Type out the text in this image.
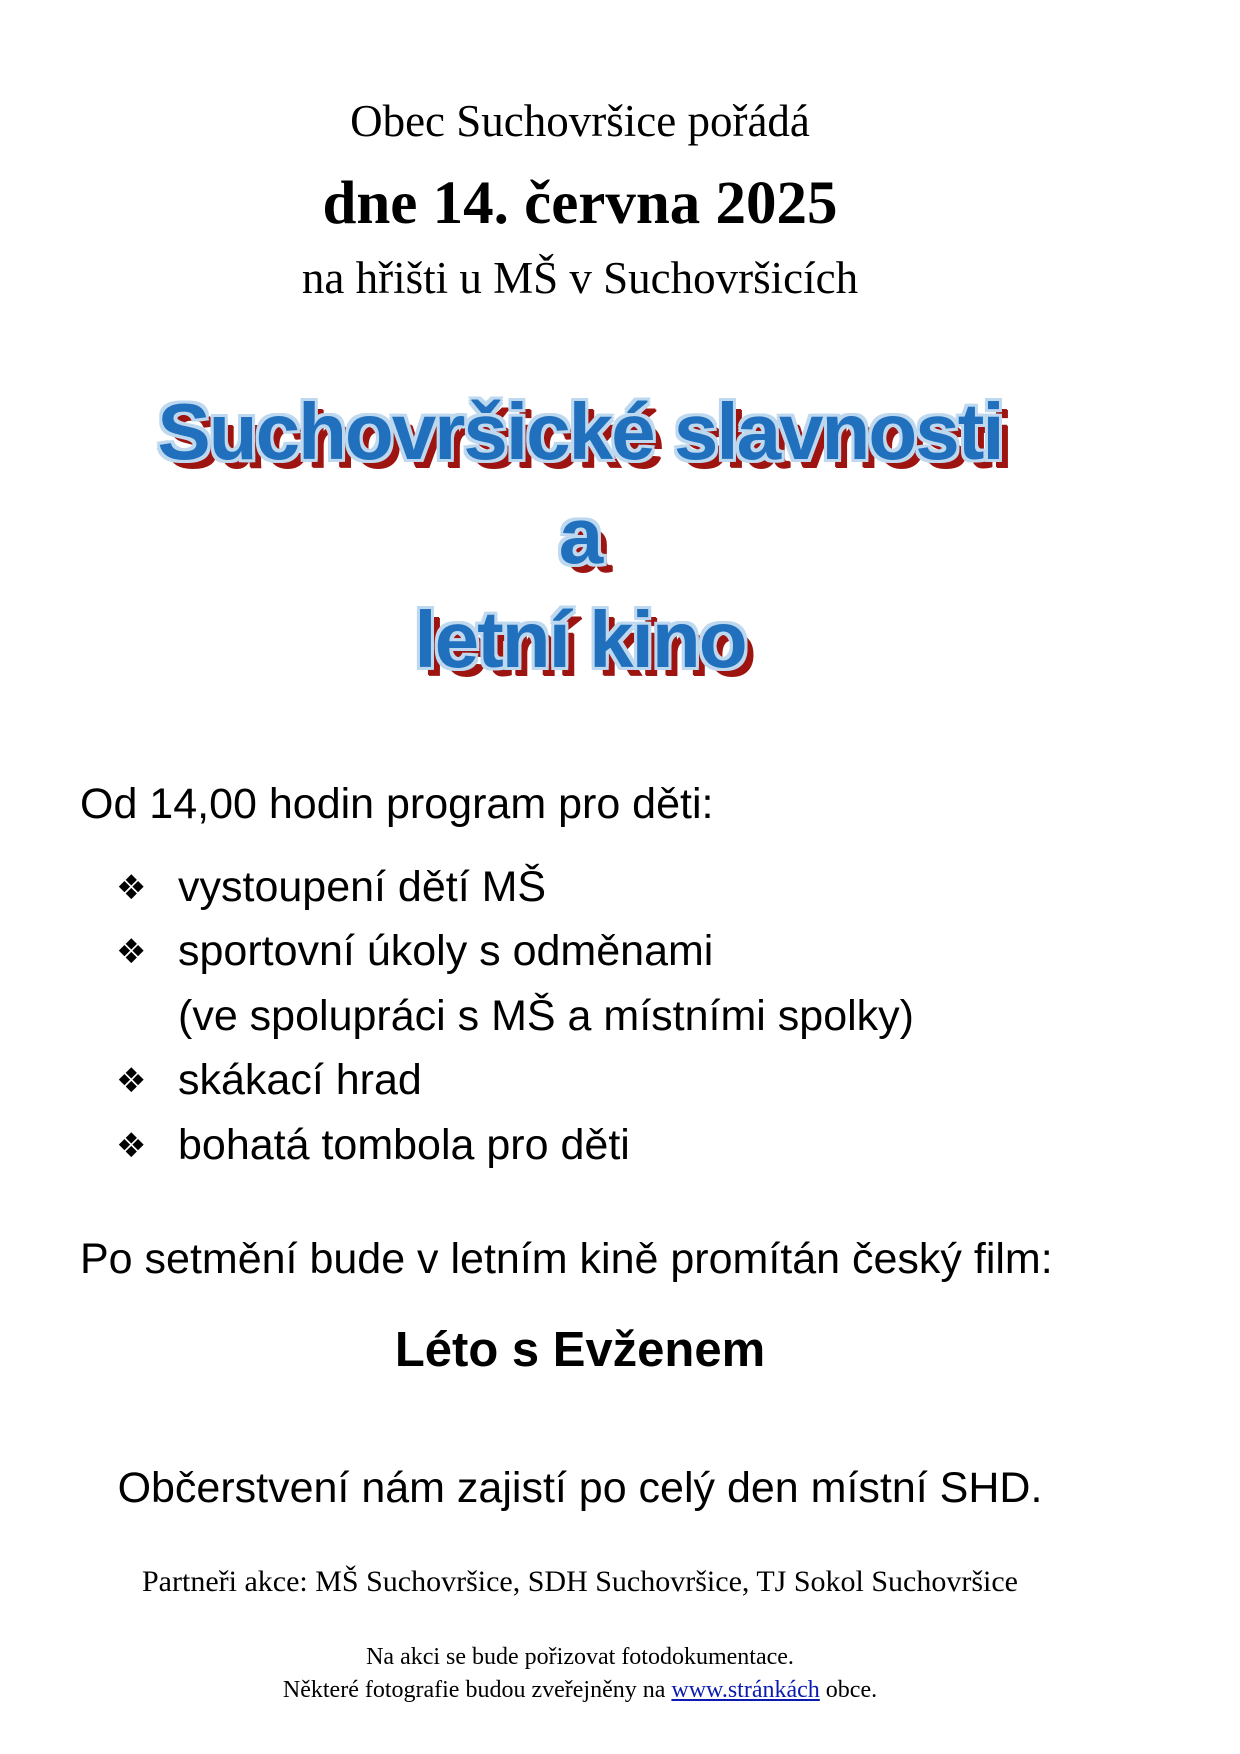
Obec Suchovršice pořádá
dne 14. června 2025
na hřišti u MŠ v Suchovršicích
Suchovršické slavnosti
a
letní kino
Od 14,00 hodin program pro děti:
❖ vystoupení dětí MŠ
❖ sportovní úkoly s odměnami
(ve spolupráci s MŠ a místními spolky)
❖ skákací hrad
❖ bohatá tombola pro děti
Po setmění bude v letním kině promítán český film:
Léto s Evženem
Občerstvení nám zajistí po celý den místní SHD.
Partneři akce: MŠ Suchovršice, SDH Suchovršice, TJ Sokol Suchovršice
Na akci se bude pořizovat fotodokumentace.
Některé fotografie budou zveřejněny na www.stránkách obce.
